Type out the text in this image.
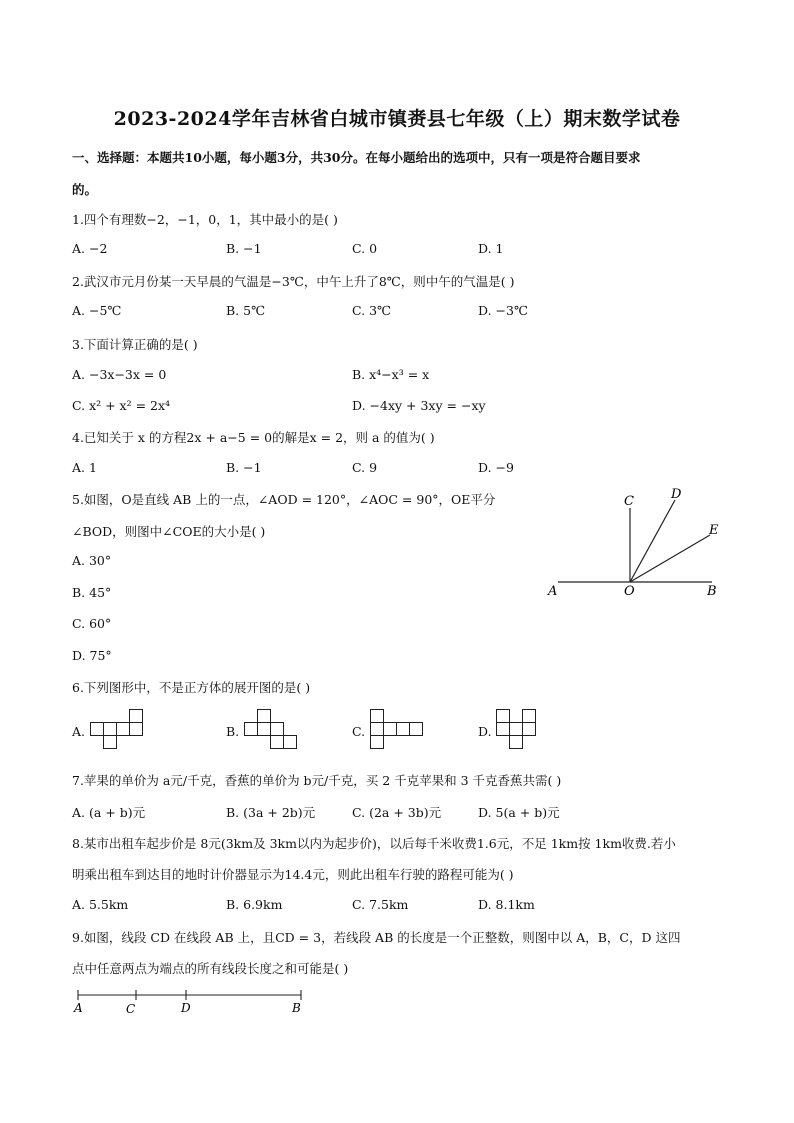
2023-2024学年吉林省白城市镇赉县七年级（上）期末数学试卷
一、选择题：本题共10小题，每小题3分，共30分。在每小题给出的选项中，只有一项是符合题目要求
的。
1.四个有理数−2，−1，0，1，其中最小的是( )
A. −2	B. −1	C. 0	D. 1
2.武汉市元月份某一天早晨的气温是−3℃，中午上升了8℃，则中午的气温是( )
A. −5℃	B. 5℃	C. 3℃	D. −3℃
3.下面计算正确的是( )
A. −3x−3x = 0	B. x⁴−x³ = x
C. x² + x² = 2x⁴	D. −4xy + 3xy = −xy
4.已知关于 x 的方程2x + a−5 = 0的解是x = 2，则 a 的值为( )
A. 1	B. −1	C. 9	D. −9
5.如图，O是直线 AB 上的一点，∠AOD = 120°，∠AOC = 90°，OE平分
∠BOD，则图中∠COE的大小是( )
A. 30°
B. 45°
C. 60°
D. 75°
C	D
E
A	O	B
6.下列图形中，不是正方体的展开图的是( )
A.	B.	C.	D.
7.苹果的单价为 a元/千克，香蕉的单价为 b元/千克，买 2 千克苹果和 3 千克香蕉共需( )
A. (a + b)元	B. (3a + 2b)元	C. (2a + 3b)元	D. 5(a + b)元
8.某市出租车起步价是 8元(3km及 3km以内为起步价)，以后每千米收费1.6元，不足 1km按 1km收费.若小
明乘出租车到达目的地时计价器显示为14.4元，则此出租车行驶的路程可能为( )
A. 5.5km	B. 6.9km	C. 7.5km	D. 8.1km
9.如图，线段 CD 在线段 AB 上，且CD = 3，若线段 AB 的长度是一个正整数，则图中以 A，B，C，D 这四
点中任意两点为端点的所有线段长度之和可能是( )
A	C	D	B
